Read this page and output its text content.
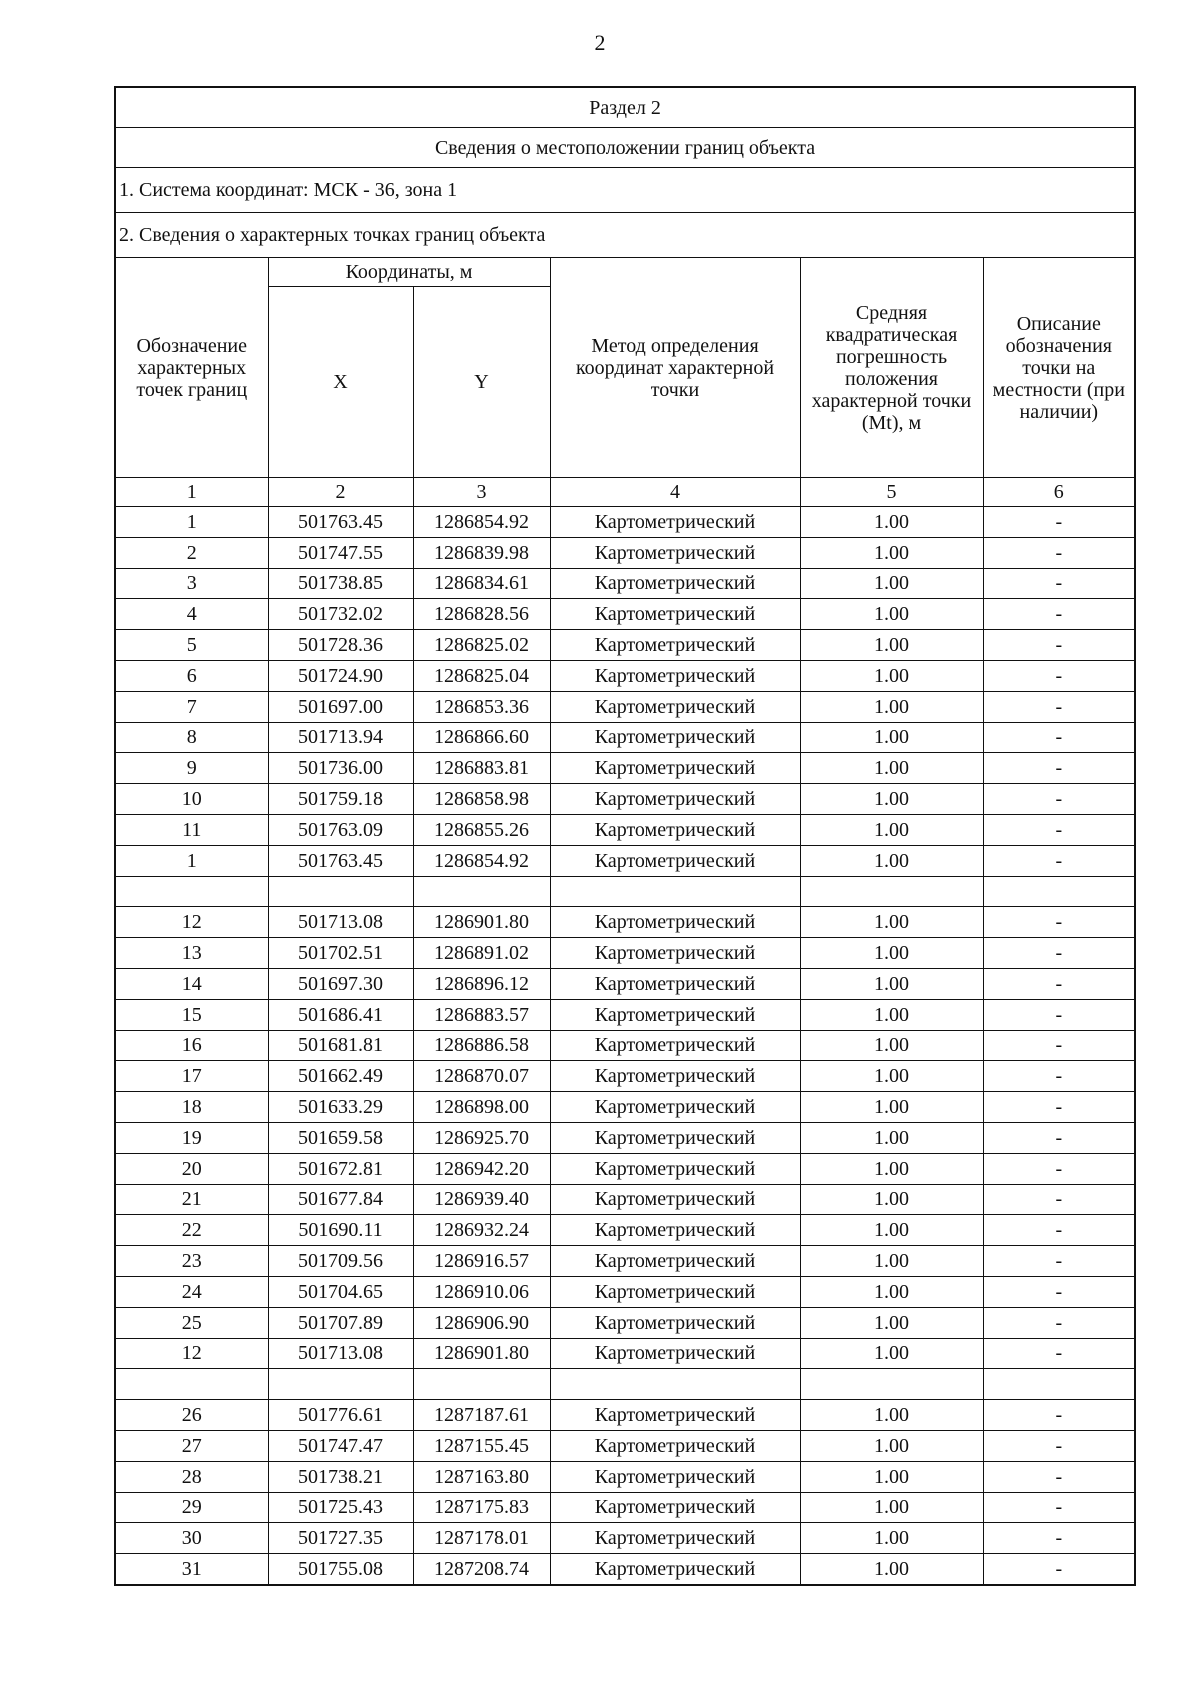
2
Раздел 2					
Сведения о местоположении границ объекта					
1. Система координат: МСК - 36, зона 1					
2. Сведения о характерных точках границ объекта					
Обозначение характерных точек границ	Координаты, м		Метод определения координат характерной точки	Средняя квадратическая погрешность положения характерной точки (Mt), м	Описание обозначения точки на местности (при наличии)
	X	Y			
1	2	3	4	5	6
1	501763.45	1286854.92	Картометрический	1.00	-
2	501747.55	1286839.98	Картометрический	1.00	-
3	501738.85	1286834.61	Картометрический	1.00	-
4	501732.02	1286828.56	Картометрический	1.00	-
5	501728.36	1286825.02	Картометрический	1.00	-
6	501724.90	1286825.04	Картометрический	1.00	-
7	501697.00	1286853.36	Картометрический	1.00	-
8	501713.94	1286866.60	Картометрический	1.00	-
9	501736.00	1286883.81	Картометрический	1.00	-
10	501759.18	1286858.98	Картометрический	1.00	-
11	501763.09	1286855.26	Картометрический	1.00	-
1	501763.45	1286854.92	Картометрический	1.00	-

12	501713.08	1286901.80	Картометрический	1.00	-
13	501702.51	1286891.02	Картометрический	1.00	-
14	501697.30	1286896.12	Картометрический	1.00	-
15	501686.41	1286883.57	Картометрический	1.00	-
16	501681.81	1286886.58	Картометрический	1.00	-
17	501662.49	1286870.07	Картометрический	1.00	-
18	501633.29	1286898.00	Картометрический	1.00	-
19	501659.58	1286925.70	Картометрический	1.00	-
20	501672.81	1286942.20	Картометрический	1.00	-
21	501677.84	1286939.40	Картометрический	1.00	-
22	501690.11	1286932.24	Картометрический	1.00	-
23	501709.56	1286916.57	Картометрический	1.00	-
24	501704.65	1286910.06	Картометрический	1.00	-
25	501707.89	1286906.90	Картометрический	1.00	-
12	501713.08	1286901.80	Картометрический	1.00	-

26	501776.61	1287187.61	Картометрический	1.00	-
27	501747.47	1287155.45	Картометрический	1.00	-
28	501738.21	1287163.80	Картометрический	1.00	-
29	501725.43	1287175.83	Картометрический	1.00	-
30	501727.35	1287178.01	Картометрический	1.00	-
31	501755.08	1287208.74	Картометрический	1.00	-
